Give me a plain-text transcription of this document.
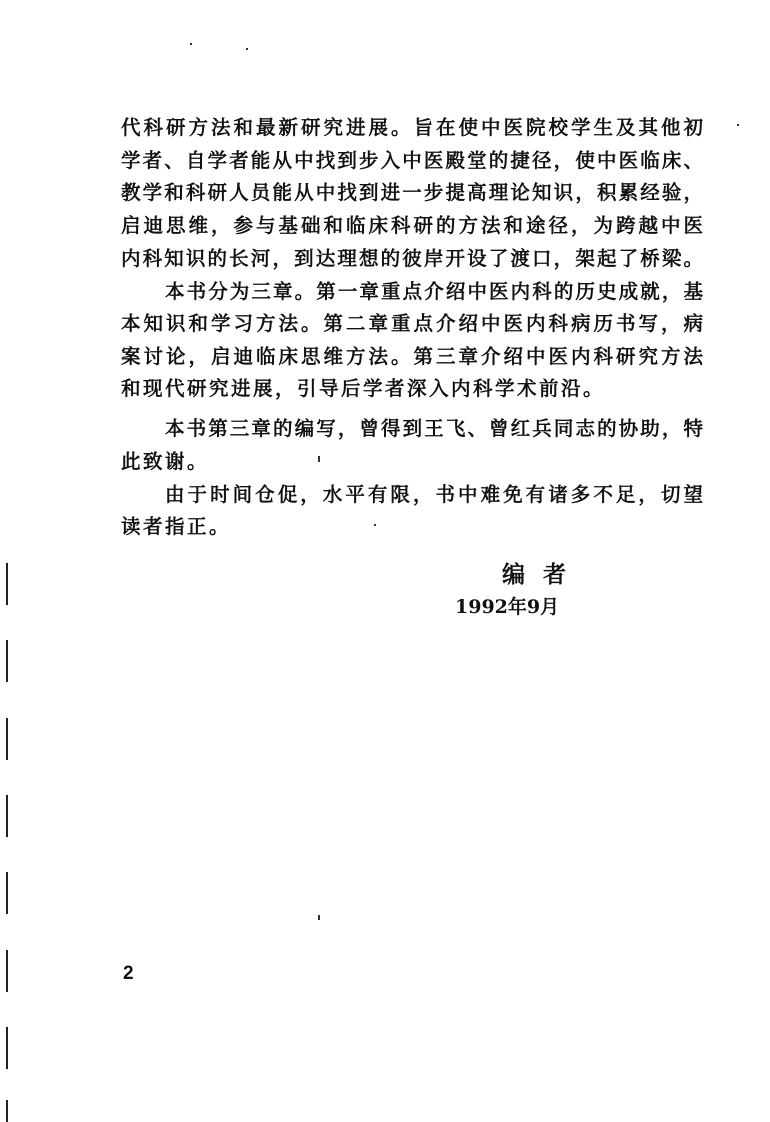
代科研方法和最新研究进展。旨在使中医院校学生及其他初
学者、自学者能从中找到步入中医殿堂的捷径，使中医临床、
教学和科研人员能从中找到进一步提高理论知识，积累经验，
启迪思维，参与基础和临床科研的方法和途径，为跨越中医
内科知识的长河，到达理想的彼岸开设了渡口，架起了桥梁。
本书分为三章。第一章重点介绍中医内科的历史成就，基
本知识和学习方法。第二章重点介绍中医内科病历书写，病
案讨论，启迪临床思维方法。第三章介绍中医内科研究方法
和现代研究进展，引导后学者深入内科学术前沿。
本书第三章的编写，曾得到王飞、曾红兵同志的协助，特
此致谢。
由于时间仓促，水平有限，书中难免有诸多不足，切望
读者指正。
编者
1992年9月
2
